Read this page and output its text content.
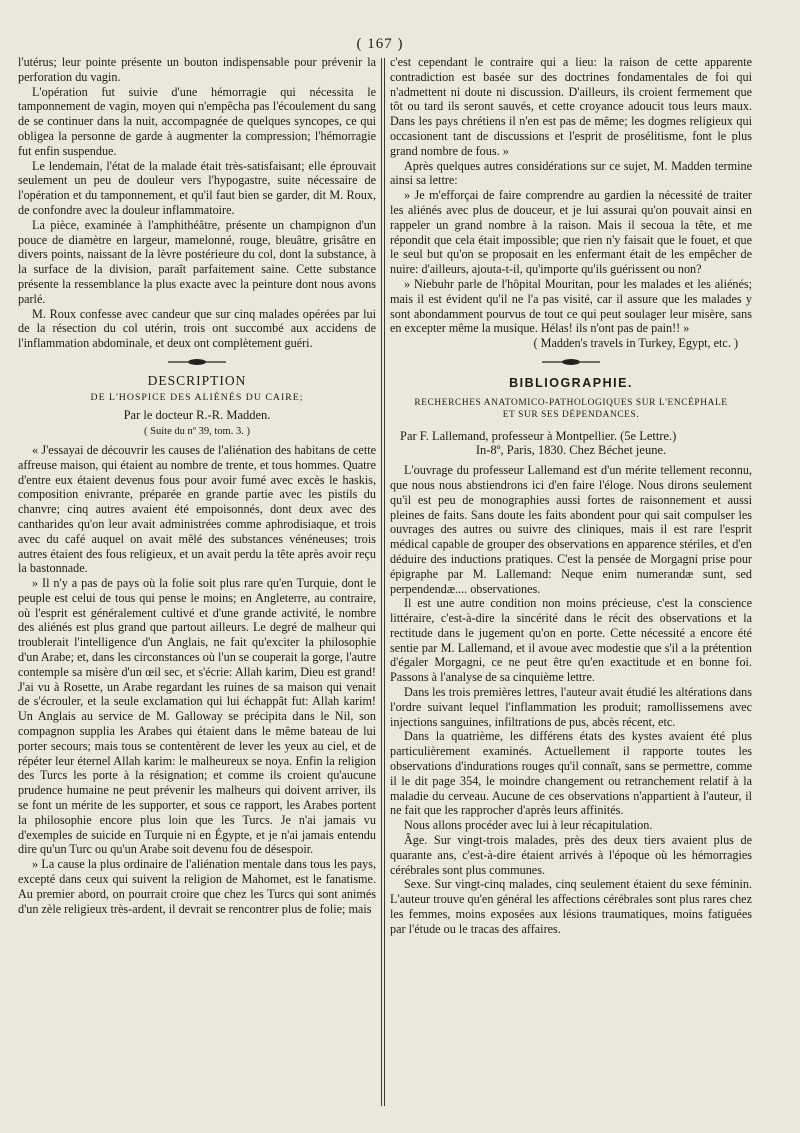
( 167 )

l'utérus; leur pointe présente un bouton indispensable pour prévenir la perforation du vagin.

L'opération fut suivie d'une hémorragie qui nécessita le tamponnement de vagin, moyen qui n'empêcha pas l'écoulement du sang de se continuer dans la nuit, accompagnée de quelques syncopes, ce qui obligea la personne de garde à augmenter la compression; l'hémorragie fut enfin suspendue.

Le lendemain, l'état de la malade était très-satisfaisant; elle éprouvait seulement un peu de douleur vers l'hypogastre, suite nécessaire de l'opération et du tamponnement, et qu'il faut bien se garder, dit M. Roux, de confondre avec la douleur inflammatoire.

La pièce, examinée à l'amphithéâtre, présente un champignon d'un pouce de diamètre en largeur, mamelonné, rouge, bleuâtre, grisâtre en divers points, naissant de la lèvre postérieure du col, dont la substance, à la surface de la division, paraît parfaitement saine. Cette substance présente la ressemblance la plus exacte avec la peinture dont nous avons parlé.

M. Roux confesse avec candeur que sur cinq malades opérées par lui de la résection du col utérin, trois ont succombé aux accidens de l'inflammation abdominale, et deux ont complètement guéri.

DESCRIPTION
DE L'HOSPICE DES ALIÉNÉS DU CAIRE;
Par le docteur R.-R. Madden.
( Suite du nº 39, tom. 3. )

« J'essayai de découvrir les causes de l'aliénation des habitans de cette affreuse maison, qui étaient au nombre de trente, et tous hommes. Quatre d'entre eux étaient devenus fous pour avoir fumé avec excès le haskis, composition enivrante, préparée en grande partie avec les pistils du chanvre; cinq autres avaient été empoisonnés, dont deux avec des cantharides qu'on leur avait administrées comme aphrodisiaque, et trois avec du café auquel on avait mêlé des substances vénéneuses; trois autres étaient des fous religieux, et un avait perdu la tête après avoir reçu la bastonnade.

» Il n'y a pas de pays où la folie soit plus rare qu'en Turquie, dont le peuple est celui de tous qui pense le moins; en Angleterre, au contraire, où l'esprit est généralement cultivé et d'une grande activité, le nombre des aliénés est plus grand que partout ailleurs. Le degré de malheur qui troublerait l'intelligence d'un Anglais, ne fait qu'exciter la philosophie d'un Arabe; et, dans les circonstances où l'un se couperait la gorge, l'autre contemple sa misère d'un œil sec, et s'écrie: Allah karim, Dieu est grand! J'ai vu à Rosette, un Arabe regardant les ruines de sa maison qui venait de s'écrouler, et la seule exclamation qui lui échappât fut: Allah karim! Un Anglais au service de M. Galloway se précipita dans le Nil, son compagnon supplia les Arabes qui étaient dans le même bateau de lui porter secours; mais tous se contentèrent de lever les yeux au ciel, et de répéter leur éternel Allah karim: le malheureux se noya. Enfin la religion des Turcs les porte à la résignation; et comme ils croient qu'aucune prudence humaine ne peut prévenir les malheurs qui doivent arriver, ils se font un mérite de les supporter, et sous ce rapport, les Arabes portent la philosophie encore plus loin que les Turcs. Je n'ai jamais vu d'exemples de suicide en Turquie ni en Égypte, et je n'ai jamais entendu dire qu'un Turc ou qu'un Arabe soit devenu fou de désespoir.

» La cause la plus ordinaire de l'aliénation mentale dans tous les pays, excepté dans ceux qui suivent la religion de Mahomet, est le fanatisme. Au premier abord, on pourrait croire que chez les Turcs qui sont animés d'un zèle religieux très-ardent, il devrait se rencontrer plus de folie; mais

c'est cependant le contraire qui a lieu: la raison de cette apparente contradiction est basée sur des doctrines fondamentales de foi qui n'admettent ni doute ni discussion. D'ailleurs, ils croient fermement que tôt ou tard ils seront sauvés, et cette croyance adoucit tous leurs maux. Dans les pays chrétiens il n'en est pas de même; les dogmes religieux qui occasionent tant de discussions et l'esprit de prosélitisme, font le plus grand nombre de fous. »

Après quelques autres considérations sur ce sujet, M. Madden termine ainsi sa lettre:

» Je m'efforçai de faire comprendre au gardien la nécessité de traiter les aliénés avec plus de douceur, et je lui assurai qu'on pouvait ainsi en rappeler un grand nombre à la raison. Mais il secoua la tête, et me répondit que cela était impossible; que rien n'y faisait que le fouet, et que le seul but qu'on se proposait en les enfermant était de les empêcher de nuire: d'ailleurs, ajouta-t-il, qu'importe qu'ils guérissent ou non?

» Niebuhr parle de l'hôpital Mouritan, pour les malades et les aliénés; mais il est évident qu'il ne l'a pas visité, car il assure que les malades y sont abondamment pourvus de tout ce qui peut soulager leur misère, sans en excepter même la musique. Hélas! ils n'ont pas de pain!! »

( Madden's travels in Turkey, Egypt, etc. )
BIBLIOGRAPHIE.
RECHERCHES ANATOMICO-PATHOLOGIQUES SUR L'ENCÉPHALE
ET SUR SES DÉPENDANCES.

Par F. Lallemand, professeur à Montpellier. (5e Lettre.)

In-8º, Paris, 1830. Chez Béchet jeune.

L'ouvrage du professeur Lallemand est d'un mérite tellement reconnu, que nous nous abstiendrons ici d'en faire l'éloge. Nous dirons seulement qu'il est peu de monographies aussi fortes de raisonnement et aussi pleines de faits. Sans doute les faits abondent pour qui sait compulser les ouvrages des autres ou suivre des cliniques, mais il est rare l'esprit médical capable de grouper des observations en apparence stériles, et d'en déduire des inductions pratiques. C'est la pensée de Morgagni prise pour épigraphe par M. Lallemand: Neque enim numerandæ sunt, sed perpendendæ.... observationes.

Il est une autre condition non moins précieuse, c'est la conscience littéraire, c'est-à-dire la sincérité dans le récit des observations et la rectitude dans le jugement qu'on en porte. Cette nécessité a encore été sentie par M. Lallemand, et il avoue avec modestie que s'il a la prétention d'égaler Morgagni, ce ne peut être qu'en exactitude et en bonne foi. Passons à l'analyse de sa cinquième lettre.

Dans les trois premières lettres, l'auteur avait étudié les altérations dans l'ordre suivant lequel l'inflammation les produit; ramollissemens avec injections sanguines, infiltrations de pus, abcès récent, etc.

Dans la quatrième, les différens états des kystes avaient été plus particulièrement examinés. Actuellement il rapporte toutes les observations d'indurations rouges qu'il connaît, sans se permettre, comme il le dit page 354, le moindre changement ou retranchement relatif à la maladie du cerveau. Aucune de ces observations n'appartient à l'auteur, il ne fait que les rapprocher d'après leurs affinités.

Nous allons procéder avec lui à leur récapitulation.

Âge. Sur vingt-trois malades, près des deux tiers avaient plus de quarante ans, c'est-à-dire étaient arrivés à l'époque où les hémorragies cérébrales sont plus communes.

Sexe. Sur vingt-cinq malades, cinq seulement étaient du sexe féminin. L'auteur trouve qu'en général les affections cérébrales sont plus rares chez les femmes, moins exposées aux lésions traumatiques, moins fatiguées par l'étude ou le tracas des affaires.
